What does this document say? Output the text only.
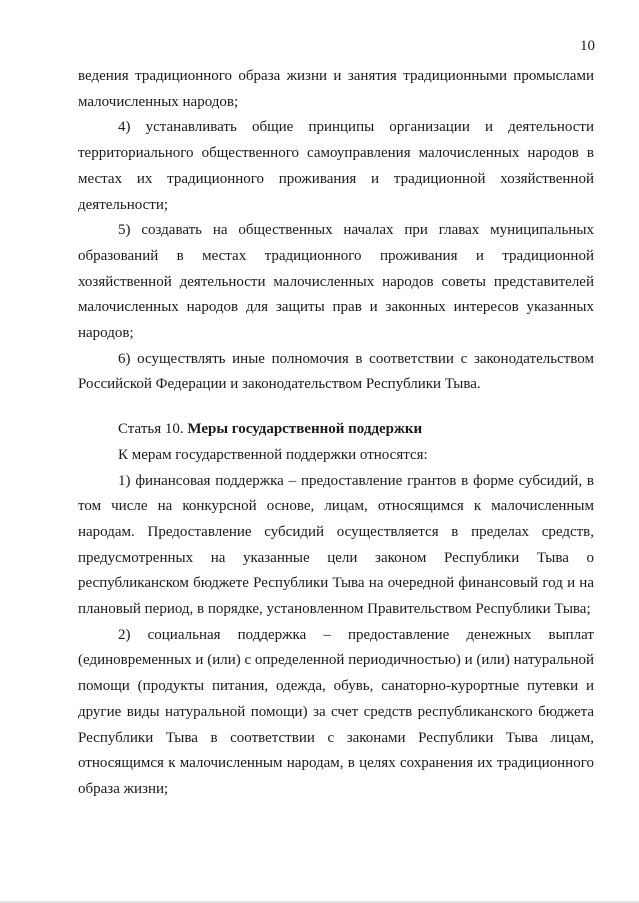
10

ведения традиционного образа жизни и занятия традиционными промыслами малочисленных народов;

4) устанавливать общие принципы организации и деятельности территориального общественного самоуправления малочисленных народов в местах их традиционного проживания и традиционной хозяйственной деятельности;

5) создавать на общественных началах при главах муниципальных образований в местах традиционного проживания и традиционной хозяйственной деятельности малочисленных народов советы представителей малочисленных народов для защиты прав и законных интересов указанных народов;

6) осуществлять иные полномочия в соответствии с законодательством Российской Федерации и законодательством Республики Тыва.

Статья 10. Меры государственной поддержки

К мерам государственной поддержки относятся:

1) финансовая поддержка – предоставление грантов в форме субсидий, в том числе на конкурсной основе, лицам, относящимся к малочисленным народам. Предоставление субсидий осуществляется в пределах средств, предусмотренных на указанные цели законом Республики Тыва о республиканском бюджете Республики Тыва на очередной финансовый год и на плановый период, в порядке, установленном Правительством Республики Тыва;

2) социальная поддержка – предоставление денежных выплат (единовременных и (или) с определенной периодичностью) и (или) натуральной помощи (продукты питания, одежда, обувь, санаторно-курортные путевки и другие виды натуральной помощи) за счет средств республиканского бюджета Республики Тыва в соответствии с законами Республики Тыва лицам, относящимся к малочисленным народам, в целях сохранения их традиционного образа жизни;
